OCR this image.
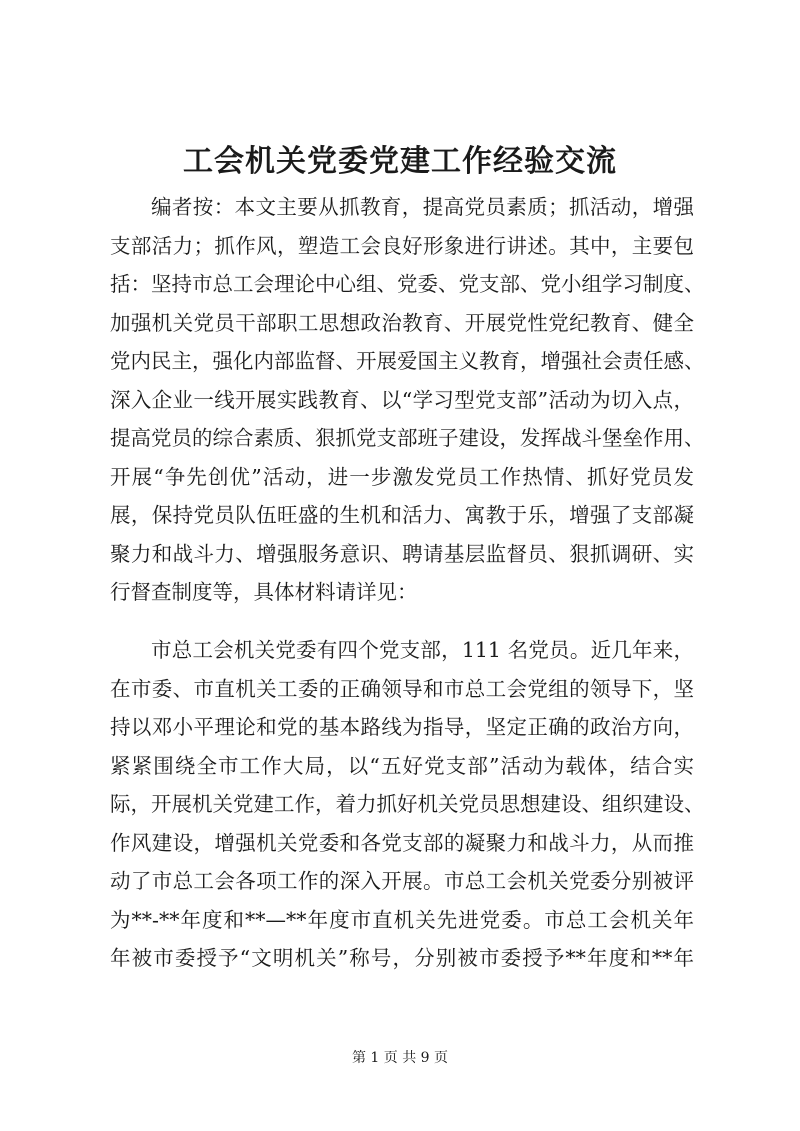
工会机关党委党建工作经验交流
编者按：本文主要从抓教育，提高党员素质；抓活动，增强
支部活力；抓作风，塑造工会良好形象进行讲述。其中，主要包
括：坚持市总工会理论中心组、党委、党支部、党小组学习制度、
加强机关党员干部职工思想政治教育、开展党性党纪教育、健全
党内民主，强化内部监督、开展爱国主义教育，增强社会责任感、
深入企业一线开展实践教育、以“学习型党支部”活动为切入点，
提高党员的综合素质、狠抓党支部班子建设，发挥战斗堡垒作用、
开展“争先创优”活动，进一步激发党员工作热情、抓好党员发
展，保持党员队伍旺盛的生机和活力、寓教于乐，增强了支部凝
聚力和战斗力、增强服务意识、聘请基层监督员、狠抓调研、实
行督查制度等，具体材料请详见：
市总工会机关党委有四个党支部，111 名党员。近几年来，
在市委、市直机关工委的正确领导和市总工会党组的领导下，坚
持以邓小平理论和党的基本路线为指导，坚定正确的政治方向，
紧紧围绕全市工作大局，以“五好党支部”活动为载体，结合实
际，开展机关党建工作，着力抓好机关党员思想建设、组织建设、
作风建设，增强机关党委和各党支部的凝聚力和战斗力，从而推
动了市总工会各项工作的深入开展。市总工会机关党委分别被评
为**-**年度和**—**年度市直机关先进党委。市总工会机关年
年被市委授予“文明机关”称号，分别被市委授予**年度和**年
第 1 页 共 9 页
